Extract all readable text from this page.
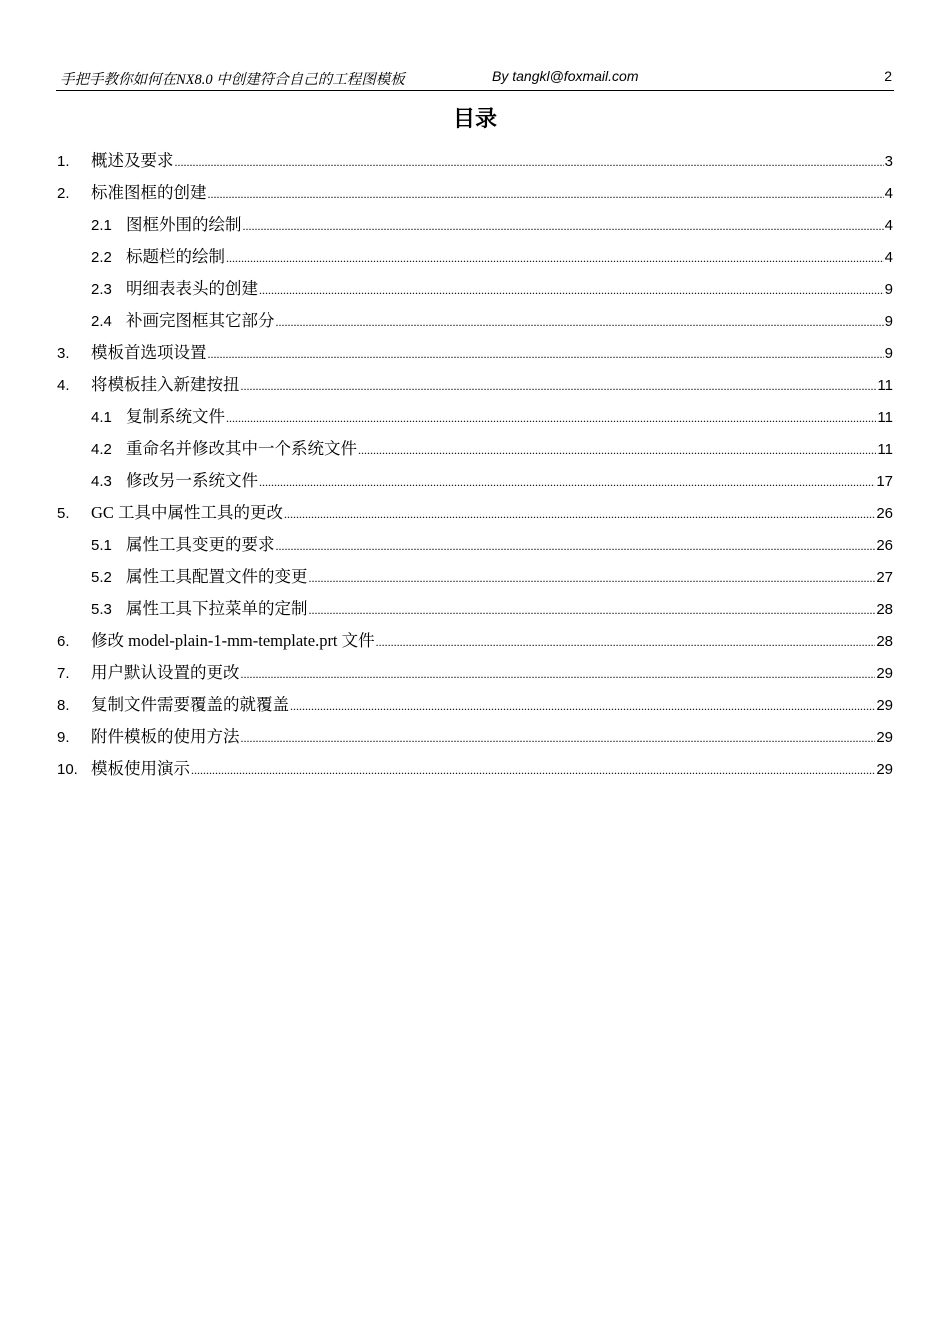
手把手教你如何在NX8.0 中创建符合自己的工程图模板	By tangkl@foxmail.com	2
目录
1.	概述及要求 .....	3
2.	标准图框的创建 .....	4
2.1 图框外围的绘制 .....	4
2.2 标题栏的绘制 .....	4
2.3 明细表表头的创建 .....	9
2.4 补画完图框其它部分 .....	9
3.	模板首选项设置 .....	9
4.	将模板挂入新建按扭 .....	11
4.1 复制系统文件 .....	11
4.2 重命名并修改其中一个系统文件 .....	11
4.3 修改另一系统文件 .....	17
5.	GC 工具中属性工具的更改 .....	26
5.1 属性工具变更的要求 .....	26
5.2 属性工具配置文件的变更 .....	27
5.3 属性工具下拉菜单的定制 .....	28
6.	修改 model-plain-1-mm-template.prt 文件 .....	28
7.	用户默认设置的更改 .....	29
8.	复制文件需要覆盖的就覆盖 .....	29
9.	附件模板的使用方法 .....	29
10. 模板使用演示 .....	29
